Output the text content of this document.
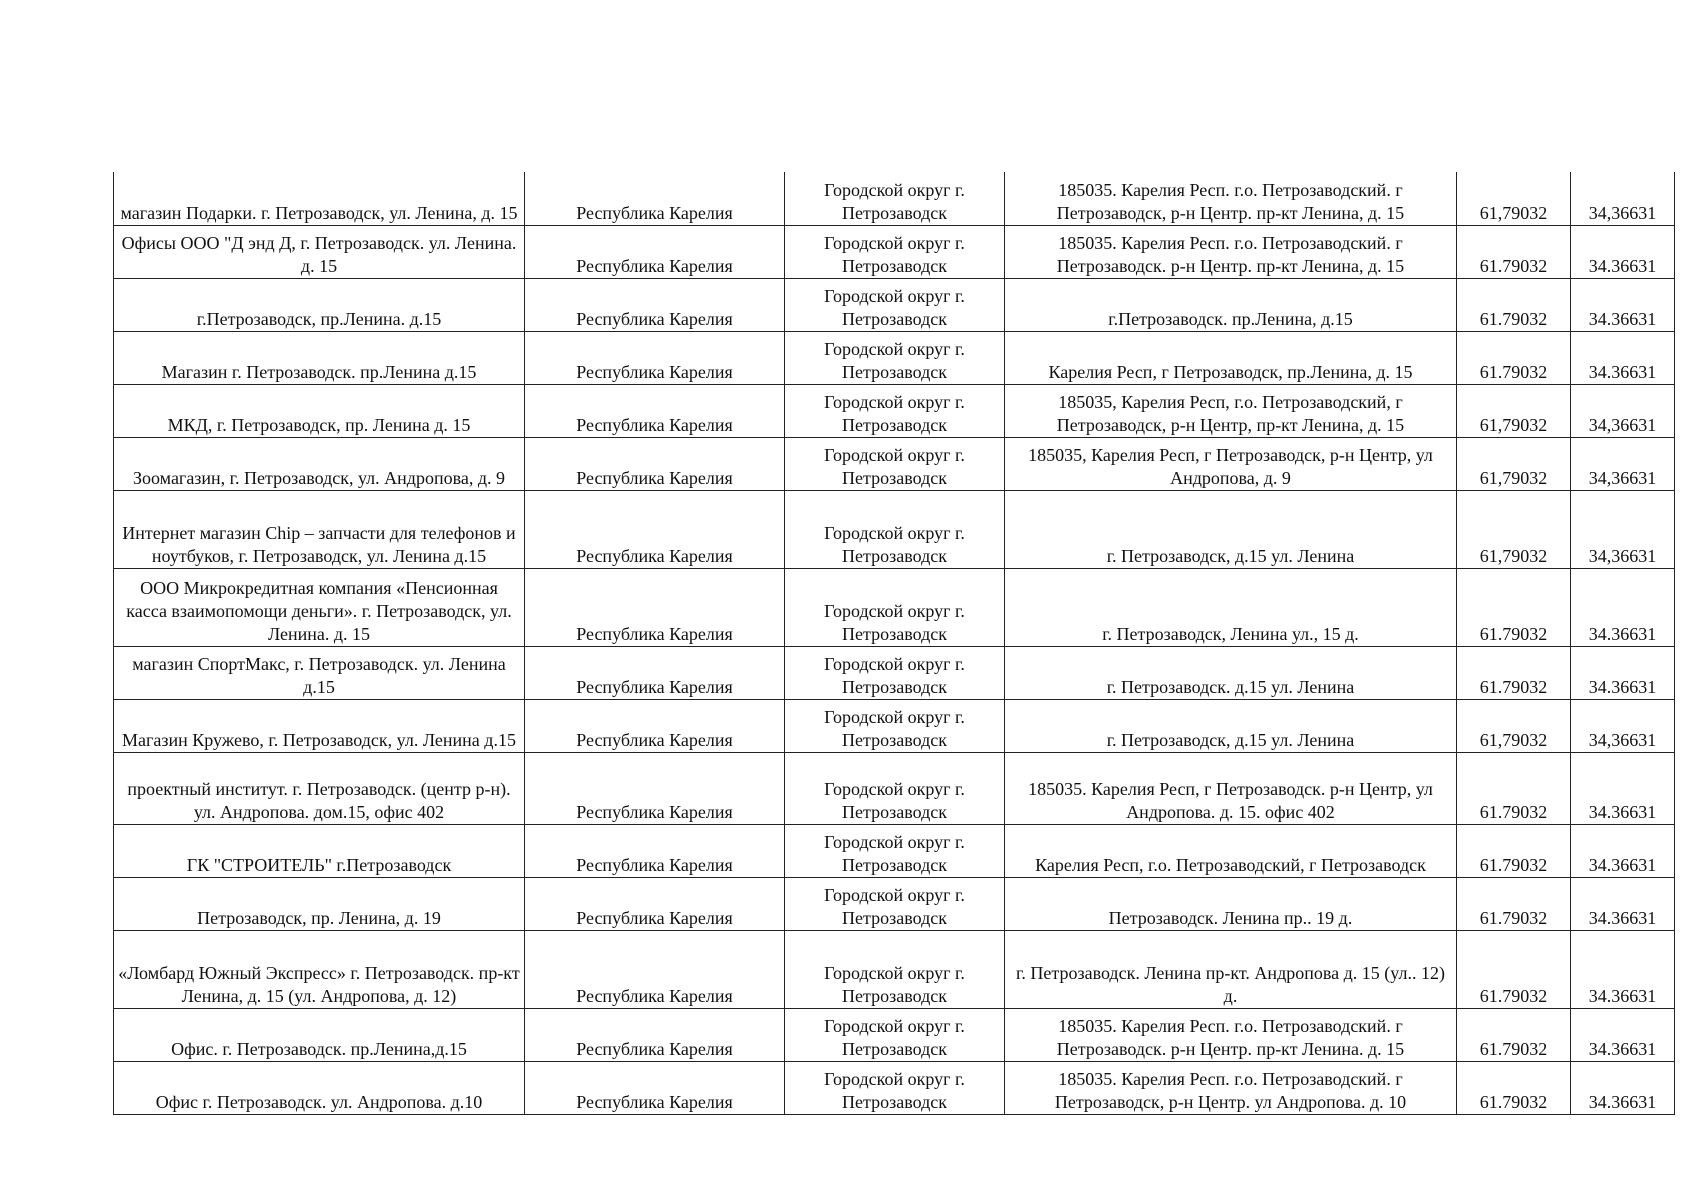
магазин Подарки. г. Петрозаводск, ул. Ленина, д. 15	Республика Карелия	Городской округ г. Петрозаводск	185035. Карелия Респ. г.о. Петрозаводский. г Петрозаводск, р-н Центр. пр-кт Ленина, д. 15	61,79032	34,36631
Офисы ООО "Д энд Д, г. Петрозаводск. ул. Ленина. д. 15	Республика Карелия	Городской округ г. Петрозаводск	185035. Карелия Респ. г.о. Петрозаводский. г Петрозаводск. р-н Центр. пр-кт Ленина, д. 15	61.79032	34.36631
г.Петрозаводск, пр.Ленина. д.15	Республика Карелия	Городской округ г. Петрозаводск	г.Петрозаводск. пр.Ленина, д.15	61.79032	34.36631
Магазин г. Петрозаводск. пр.Ленина д.15	Республика Карелия	Городской округ г. Петрозаводск	Карелия Респ, г Петрозаводск, пр.Ленина, д. 15	61.79032	34.36631
МКД, г. Петрозаводск, пр. Ленина д. 15	Республика Карелия	Городской округ г. Петрозаводск	185035, Карелия Респ, г.о. Петрозаводский, г Петрозаводск, р-н Центр, пр-кт Ленина, д. 15	61,79032	34,36631
Зоомагазин, г. Петрозаводск, ул. Андропова, д. 9	Республика Карелия	Городской округ г. Петрозаводск	185035, Карелия Респ, г Петрозаводск, р-н Центр, ул Андропова, д. 9	61,79032	34,36631
Интернет магазин Chip – запчасти для телефонов и ноутбуков, г. Петрозаводск, ул. Ленина д.15	Республика Карелия	Городской округ г. Петрозаводск	г. Петрозаводск, д.15 ул. Ленина	61,79032	34,36631
ООО Микрокредитная компания «Пенсионная касса взаимопомощи деньги». г. Петрозаводск, ул. Ленина. д. 15	Республика Карелия	Городской округ г. Петрозаводск	г. Петрозаводск, Ленина ул., 15 д.	61.79032	34.36631
магазин СпортМакс, г. Петрозаводск. ул. Ленина д.15	Республика Карелия	Городской округ г. Петрозаводск	г. Петрозаводск. д.15 ул. Ленина	61.79032	34.36631
Магазин Кружево, г. Петрозаводск, ул. Ленина д.15	Республика Карелия	Городской округ г. Петрозаводск	г. Петрозаводск, д.15 ул. Ленина	61,79032	34,36631
проектный институт. г. Петрозаводск. (центр р-н). ул. Андропова. дом.15, офис 402	Республика Карелия	Городской округ г. Петрозаводск	185035. Карелия Респ, г Петрозаводск. р-н Центр, ул Андропова. д. 15. офис 402	61.79032	34.36631
ГК "СТРОИТЕЛЬ" г.Петрозаводск	Республика Карелия	Городской округ г. Петрозаводск	Карелия Респ, г.о. Петрозаводский, г Петрозаводск	61.79032	34.36631
Петрозаводск, пр. Ленина, д. 19	Республика Карелия	Городской округ г. Петрозаводск	Петрозаводск. Ленина пр.. 19 д.	61.79032	34.36631
«Ломбард Южный Экспресс» г. Петрозаводск. пр-кт Ленина, д. 15 (ул. Андропова, д. 12)	Республика Карелия	Городской округ г. Петрозаводск	г. Петрозаводск. Ленина пр-кт. Андропова д. 15 (ул.. 12) д.	61.79032	34.36631
Офис. г. Петрозаводск. пр.Ленина,д.15	Республика Карелия	Городской округ г. Петрозаводск	185035. Карелия Респ. г.о. Петрозаводский. г Петрозаводск. р-н Центр. пр-кт Ленина. д. 15	61.79032	34.36631
Офис г. Петрозаводск. ул. Андропова. д.10	Республика Карелия	Городской округ г. Петрозаводск	185035. Карелия Респ. г.о. Петрозаводский. г Петрозаводск, р-н Центр. ул Андропова. д. 10	61.79032	34.36631
